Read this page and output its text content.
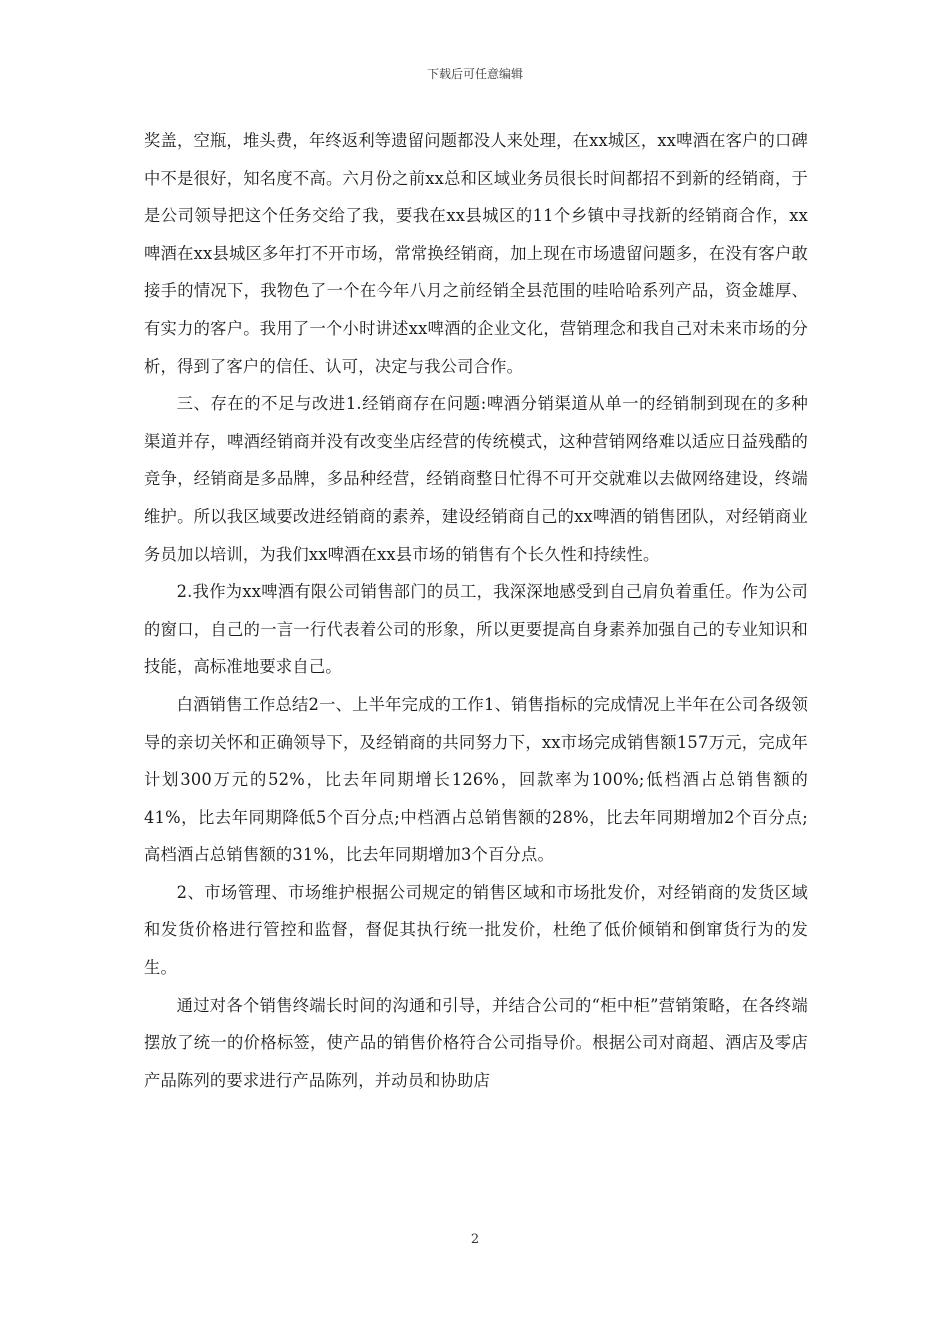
下载后可任意编辑

奖盖，空瓶，堆头费，年终返利等遗留问题都没人来处理，在xx城区，xx啤酒在客户的口碑中不是很好，知名度不高。六月份之前xx总和区域业务员很长时间都招不到新的经销商，于是公司领导把这个任务交给了我，要我在xx县城区的11个乡镇中寻找新的经销商合作，xx啤酒在xx县城区多年打不开市场，常常换经销商，加上现在市场遗留问题多，在没有客户敢接手的情况下，我物色了一个在今年八月之前经销全县范围的哇哈哈系列产品，资金雄厚、有实力的客户。我用了一个小时讲述xx啤酒的企业文化，营销理念和我自己对未来市场的分析，得到了客户的信任、认可，决定与我公司合作。

三、存在的不足与改进1.经销商存在问题:啤酒分销渠道从单一的经销制到现在的多种渠道并存，啤酒经销商并没有改变坐店经营的传统模式，这种营销网络难以适应日益残酷的竞争，经销商是多品牌，多品种经营，经销商整日忙得不可开交就难以去做网络建设，终端维护。所以我区域要改进经销商的素养，建设经销商自己的xx啤酒的销售团队，对经销商业务员加以培训，为我们xx啤酒在xx县市场的销售有个长久性和持续性。

2.我作为xx啤酒有限公司销售部门的员工，我深深地感受到自己肩负着重任。作为公司的窗口，自己的一言一行代表着公司的形象，所以更要提高自身素养加强自己的专业知识和技能，高标准地要求自己。

白酒销售工作总结2一、上半年完成的工作1、销售指标的完成情况上半年在公司各级领导的亲切关怀和正确领导下，及经销商的共同努力下，xx市场完成销售额157万元，完成年计划300万元的52%，比去年同期增长126%，回款率为100%;低档酒占总销售额的41%，比去年同期降低5个百分点;中档酒占总销售额的28%，比去年同期增加2个百分点;高档酒占总销售额的31%，比去年同期增加3个百分点。

2、市场管理、市场维护根据公司规定的销售区域和市场批发价，对经销商的发货区域和发货价格进行管控和监督，督促其执行统一批发价，杜绝了低价倾销和倒窜货行为的发生。

通过对各个销售终端长时间的沟通和引导，并结合公司的“柜中柜”营销策略，在各终端摆放了统一的价格标签，使产品的销售价格符合公司指导价。根据公司对商超、酒店及零店产品陈列的要求进行产品陈列，并动员和协助店

2
